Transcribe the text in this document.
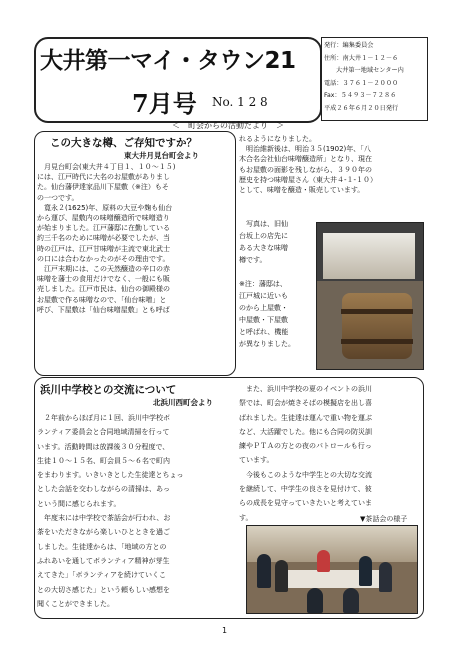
大井第一マイ・タウン21
7月号 No. 1 2 8
発行：編集委員会
住所：南大井１－１２－６
大井第一地域センター内
電話：３７６１－２０００
Fax：５４９３－７２８６
平成２６年６月２０日発行
＜　町会からの活動だより　＞
この大きな樽、ご存知ですか？
東大井月見台町会より
　月見台町会(東大井４丁目１、１０～１５)
には、江戸時代に大名のお屋敷がありまし
た。仙台藩伊達家品川下屋敷（※注）もそ
の一つです。
　寛永２(1625)年、原料の大豆や麹も仙台
から運び、屋敷内の味噌醸造所で味噌造り
が始まりました。江戸藩邸に在勤している
約三千名のために味噌が必要でしたが、当
時の江戸は、江戸甘味噌が主流で東北武士
の口には合わなかったのがその理由です。
　江戸末期には、この天然醸造の辛口の赤
味噌を藩士の食用だけでなく、一般にも販
売しました。江戸市民は、仙台の御殿様の
お屋敷で作る味噌なので、「仙台味噌」と
呼び、下屋敷は「仙台味噌屋敷」とも呼ば
れるようになりました。
　明治維新後は、明治３５(1902)年、「八
木合名会社仙台味噌醸造所」となり、現在
もお屋敷の面影を残しながら、３９０年の
歴史を持つ味噌屋さん（東大井４-１-１０）
として、味噌を醸造・販売しています。
　写真は、旧仙
台坂上の店先に
ある大きな味噌
樽です。
※注：藩邸は、
江戸城に近いも
のから上屋敷・
中屋敷・下屋敷
と呼ばれ、機能
が異なりました。
浜川中学校との交流について
北浜川西町会より
　２年前からほぼ月に１回、浜川中学校ボ
ランティア委員会と合同地域清掃を行って
います。活動時間は放課後３０分程度で、
生徒１０～１５名、町会員５～６名で町内
をまわります。いきいきとした生徒達とちょっ
とした会話を交わしながらの清掃は、あっ
という間に感じられます。
　年度末には中学校で茶話会が行われ、お
茶をいただきながら楽しいひとときを過ご
しました。生徒達からは、「地域の方との
ふれあいを通してボランティア精神が芽生
えてきた」「ボランティアを続けていくこ
との大切さ感じた」という頼もしい感想を
聞くことができました。
　また、浜川中学校の夏のイベントの浜川
祭では、町会が焼きそばの模擬店を出し喜
ばれました。生徒達は運んで重い物を運ぶ
など、大活躍でした。他にも合同の防災訓
練やＰＴＡの方との夜のパトロールも行っ
ています。
　今後もこのような中学生との大切な交流
を継続して、中学生の良さを見付けて、彼
らの成長を見守っていきたいと考えていま
す。	▼茶話会の様子
1
